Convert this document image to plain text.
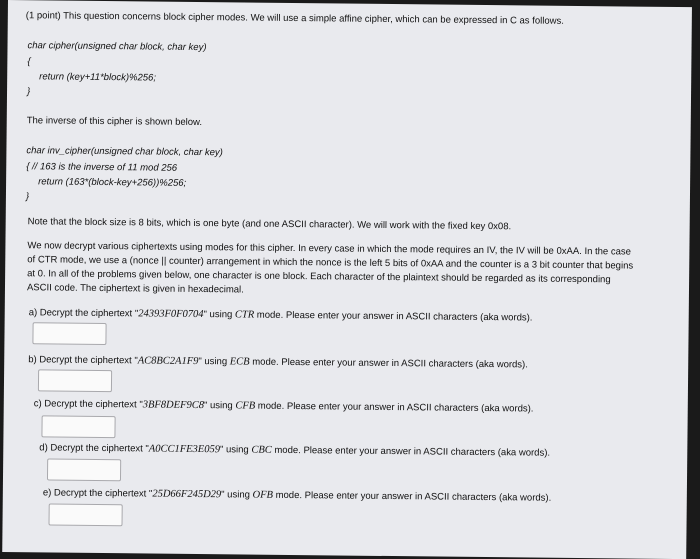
(1 point) This question concerns block cipher modes. We will use a simple affine cipher, which can be expressed in C as follows.
char cipher(unsigned char block, char key)
{
return (key+11*block)%256;
}
The inverse of this cipher is shown below.
char inv_cipher(unsigned char block, char key)
{ // 163 is the inverse of 11 mod 256
return (163*(block-key+256))%256;
}
Note that the block size is 8 bits, which is one byte (and one ASCII character). We will work with the fixed key 0x08.
We now decrypt various ciphertexts using modes for this cipher. In every case in which the mode requires an IV, the IV will be 0xAA. In the case
of CTR mode, we use a (nonce || counter) arrangement in which the nonce is the left 5 bits of 0xAA and the counter is a 3 bit counter that begins
at 0. In all of the problems given below, one character is one block. Each character of the plaintext should be regarded as its corresponding
ASCII code. The ciphertext is given in hexadecimal.
a) Decrypt the ciphertext "24393F0F0704" using CTR mode. Please enter your answer in ASCII characters (aka words).
b) Decrypt the ciphertext "AC8BC2A1F9" using ECB mode. Please enter your answer in ASCII characters (aka words).
c) Decrypt the ciphertext "3BF8DEF9C8" using CFB mode. Please enter your answer in ASCII characters (aka words).
d) Decrypt the ciphertext "A0CC1FE3E059" using CBC mode. Please enter your answer in ASCII characters (aka words).
e) Decrypt the ciphertext "25D66F245D29" using OFB mode. Please enter your answer in ASCII characters (aka words).
